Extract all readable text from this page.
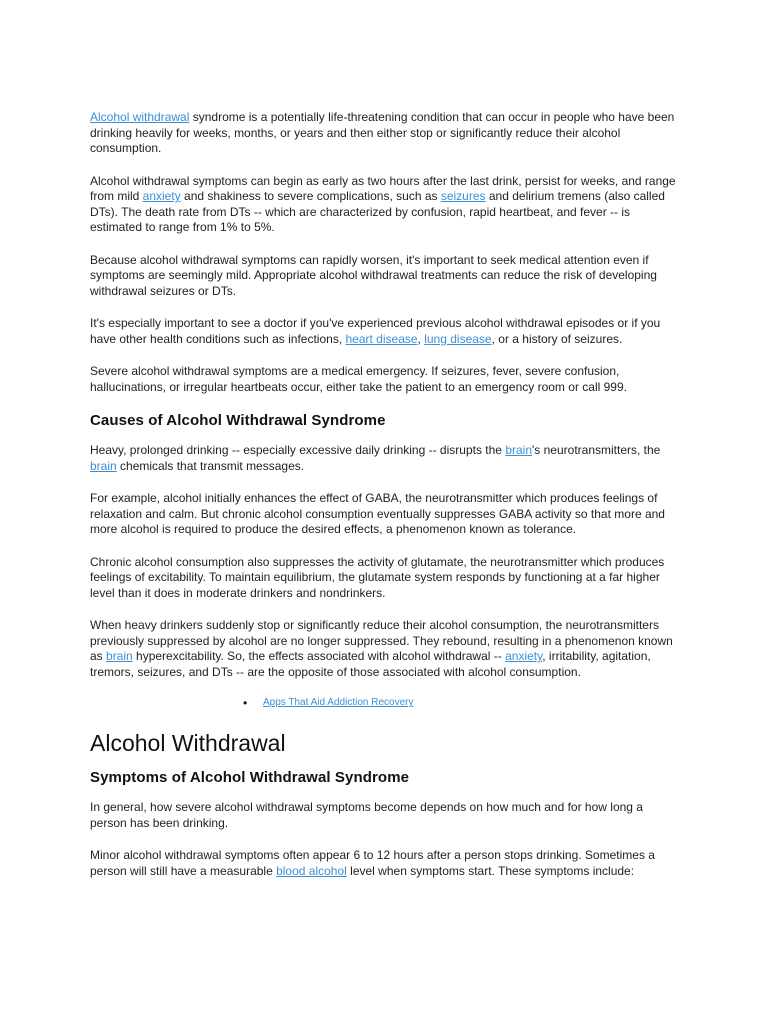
Alcohol withdrawal syndrome is a potentially life-threatening condition that can occur in people who have been drinking heavily for weeks, months, or years and then either stop or significantly reduce their alcohol consumption.

Alcohol withdrawal symptoms can begin as early as two hours after the last drink, persist for weeks, and range from mild anxiety and shakiness to severe complications, such as seizures and delirium tremens (also called DTs). The death rate from DTs -- which are characterized by confusion, rapid heartbeat, and fever -- is estimated to range from 1% to 5%.

Because alcohol withdrawal symptoms can rapidly worsen, it's important to seek medical attention even if symptoms are seemingly mild. Appropriate alcohol withdrawal treatments can reduce the risk of developing withdrawal seizures or DTs.

It's especially important to see a doctor if you've experienced previous alcohol withdrawal episodes or if you have other health conditions such as infections, heart disease, lung disease, or a history of seizures.

Severe alcohol withdrawal symptoms are a medical emergency. If seizures, fever, severe confusion, hallucinations, or irregular heartbeats occur, either take the patient to an emergency room or call 999.

Causes of Alcohol Withdrawal Syndrome

Heavy, prolonged drinking -- especially excessive daily drinking -- disrupts the brain's neurotransmitters, the brain chemicals that transmit messages.

For example, alcohol initially enhances the effect of GABA, the neurotransmitter which produces feelings of relaxation and calm. But chronic alcohol consumption eventually suppresses GABA activity so that more and more alcohol is required to produce the desired effects, a phenomenon known as tolerance.

Chronic alcohol consumption also suppresses the activity of glutamate, the neurotransmitter which produces feelings of excitability. To maintain equilibrium, the glutamate system responds by functioning at a far higher level than it does in moderate drinkers and nondrinkers.

When heavy drinkers suddenly stop or significantly reduce their alcohol consumption, the neurotransmitters previously suppressed by alcohol are no longer suppressed. They rebound, resulting in a phenomenon known as brain hyperexcitability. So, the effects associated with alcohol withdrawal -- anxiety, irritability, agitation, tremors, seizures, and DTs -- are the opposite of those associated with alcohol consumption.

• Apps That Aid Addiction Recovery
Alcohol Withdrawal
Symptoms of Alcohol Withdrawal Syndrome

In general, how severe alcohol withdrawal symptoms become depends on how much and for how long a person has been drinking.

Minor alcohol withdrawal symptoms often appear 6 to 12 hours after a person stops drinking. Sometimes a person will still have a measurable blood alcohol level when symptoms start. These symptoms include:
